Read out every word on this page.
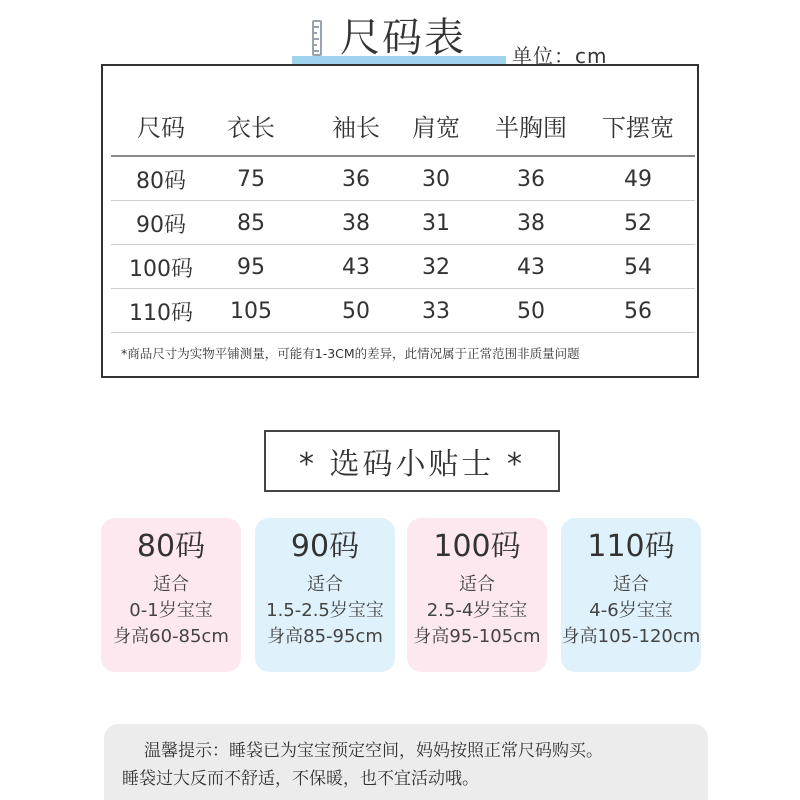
尺码表 单位：cm
尺码	衣长	袖长	肩宽	半胸围	下摆宽
80码	75	36	30	36	49
90码	85	38	31	38	52
100码	95	43	32	43	54
110码	105	50	33	50	56
*商品尺寸为实物平铺测量，可能有1-3CM的差异，此情况属于正常范围非质量问题
* 选码小贴士 *
80码
适合
0-1岁宝宝
身高60-85cm
90码
适合
1.5-2.5岁宝宝
身高85-95cm
100码
适合
2.5-4岁宝宝
身高95-105cm
110码
适合
4-6岁宝宝
身高105-120cm
温馨提示：睡袋已为宝宝预定空间，妈妈按照正常尺码购买。
睡袋过大反而不舒适，不保暖，也不宜活动哦。
